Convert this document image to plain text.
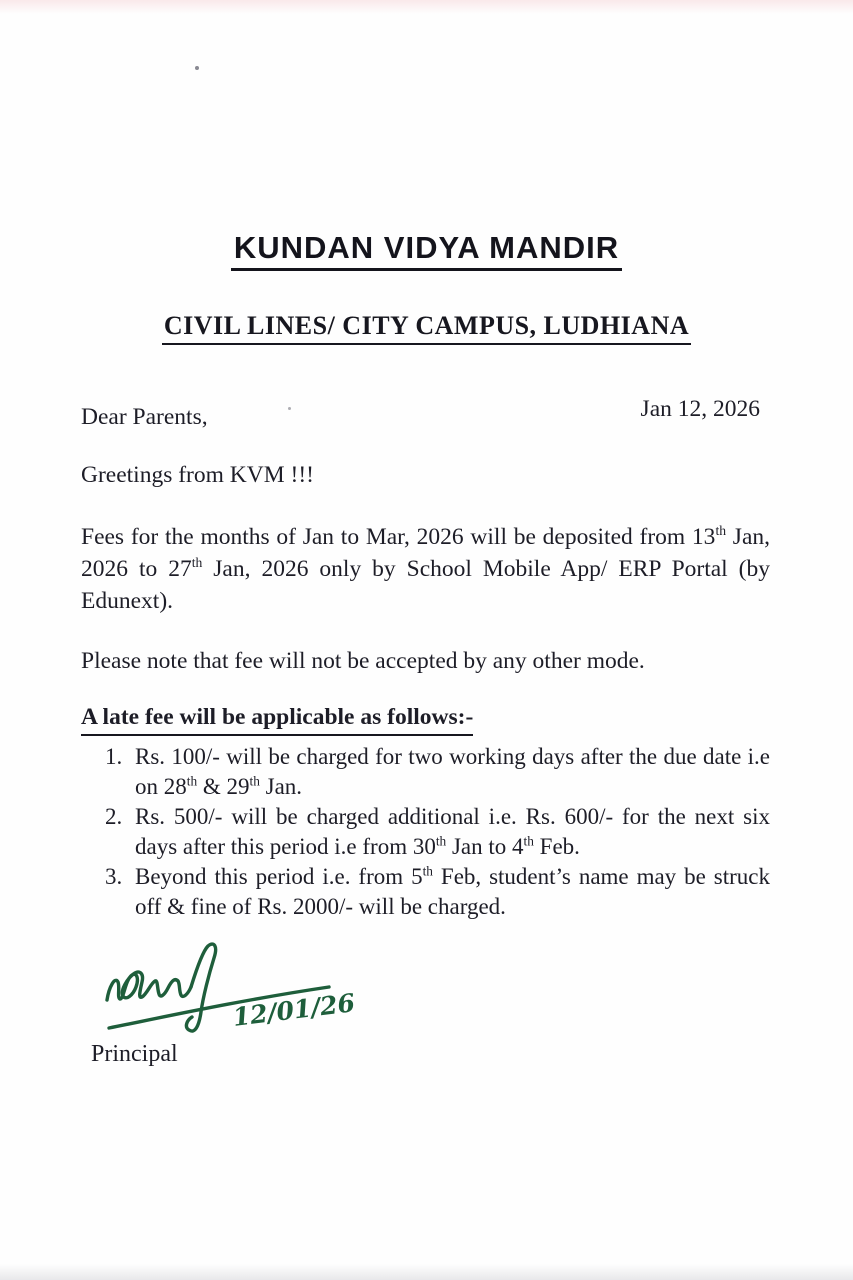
KUNDAN VIDYA MANDIR
CIVIL LINES/ CITY CAMPUS, LUDHIANA
Dear Parents,	Jan 12, 2026
Greetings from KVM !!!
Fees for the months of Jan to Mar, 2026 will be deposited from 13th Jan, 2026 to 27th Jan, 2026 only by School Mobile App/ ERP Portal (by Edunext).
Please note that fee will not be accepted by any other mode.
A late fee will be applicable as follows:-
1. Rs. 100/- will be charged for two working days after the due date i.e on 28th & 29th Jan.
2. Rs. 500/- will be charged additional i.e. Rs. 600/- for the next six days after this period i.e from 30th Jan to 4th Feb.
3. Beyond this period i.e. from 5th Feb, student’s name may be struck off & fine of Rs. 2000/- will be charged.
12/01/26
Principal
